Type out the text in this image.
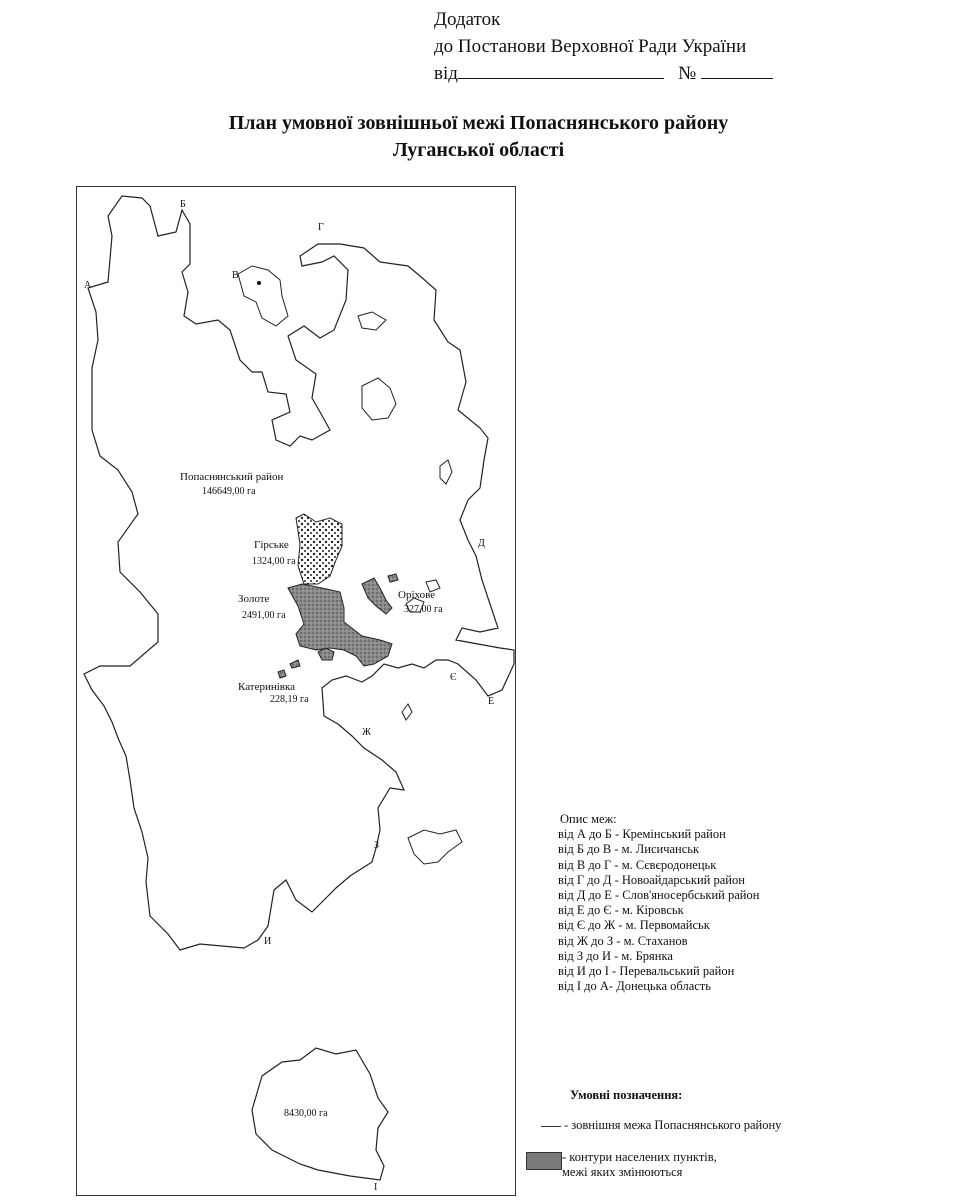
Додаток
до Постанови Верховної Ради України
від	№
План умовної зовнішньої межі Попаснянського району
Луганської області
А
Б
В
Г
Д
Е
Є
Ж
З
И
І
Попаснянський район
146649,00 га
Гірське
1324,00 га
Золоте
2491,00 га
Оріхове
327,00 га
Катеринівка
228,19 га
8430,00 га
Опис меж:
від А до Б - Кремінський район
від Б до В - м. Лисичанськ
від В до Г - м. Сєвєродонецьк
від Г до Д - Новоайдарський район
від Д до Е - Слов'яносербський район
від Е до Є - м. Кіровськ
від Є до Ж - м. Первомайськ
від Ж до З - м. Стаханов
від З до И - м. Брянка
від И до І - Перевальський район
від І до А- Донецька область
Умовні позначення:
- зовнішня межа Попаснянського району
- контури населених пунктів,
межі яких змінюються
